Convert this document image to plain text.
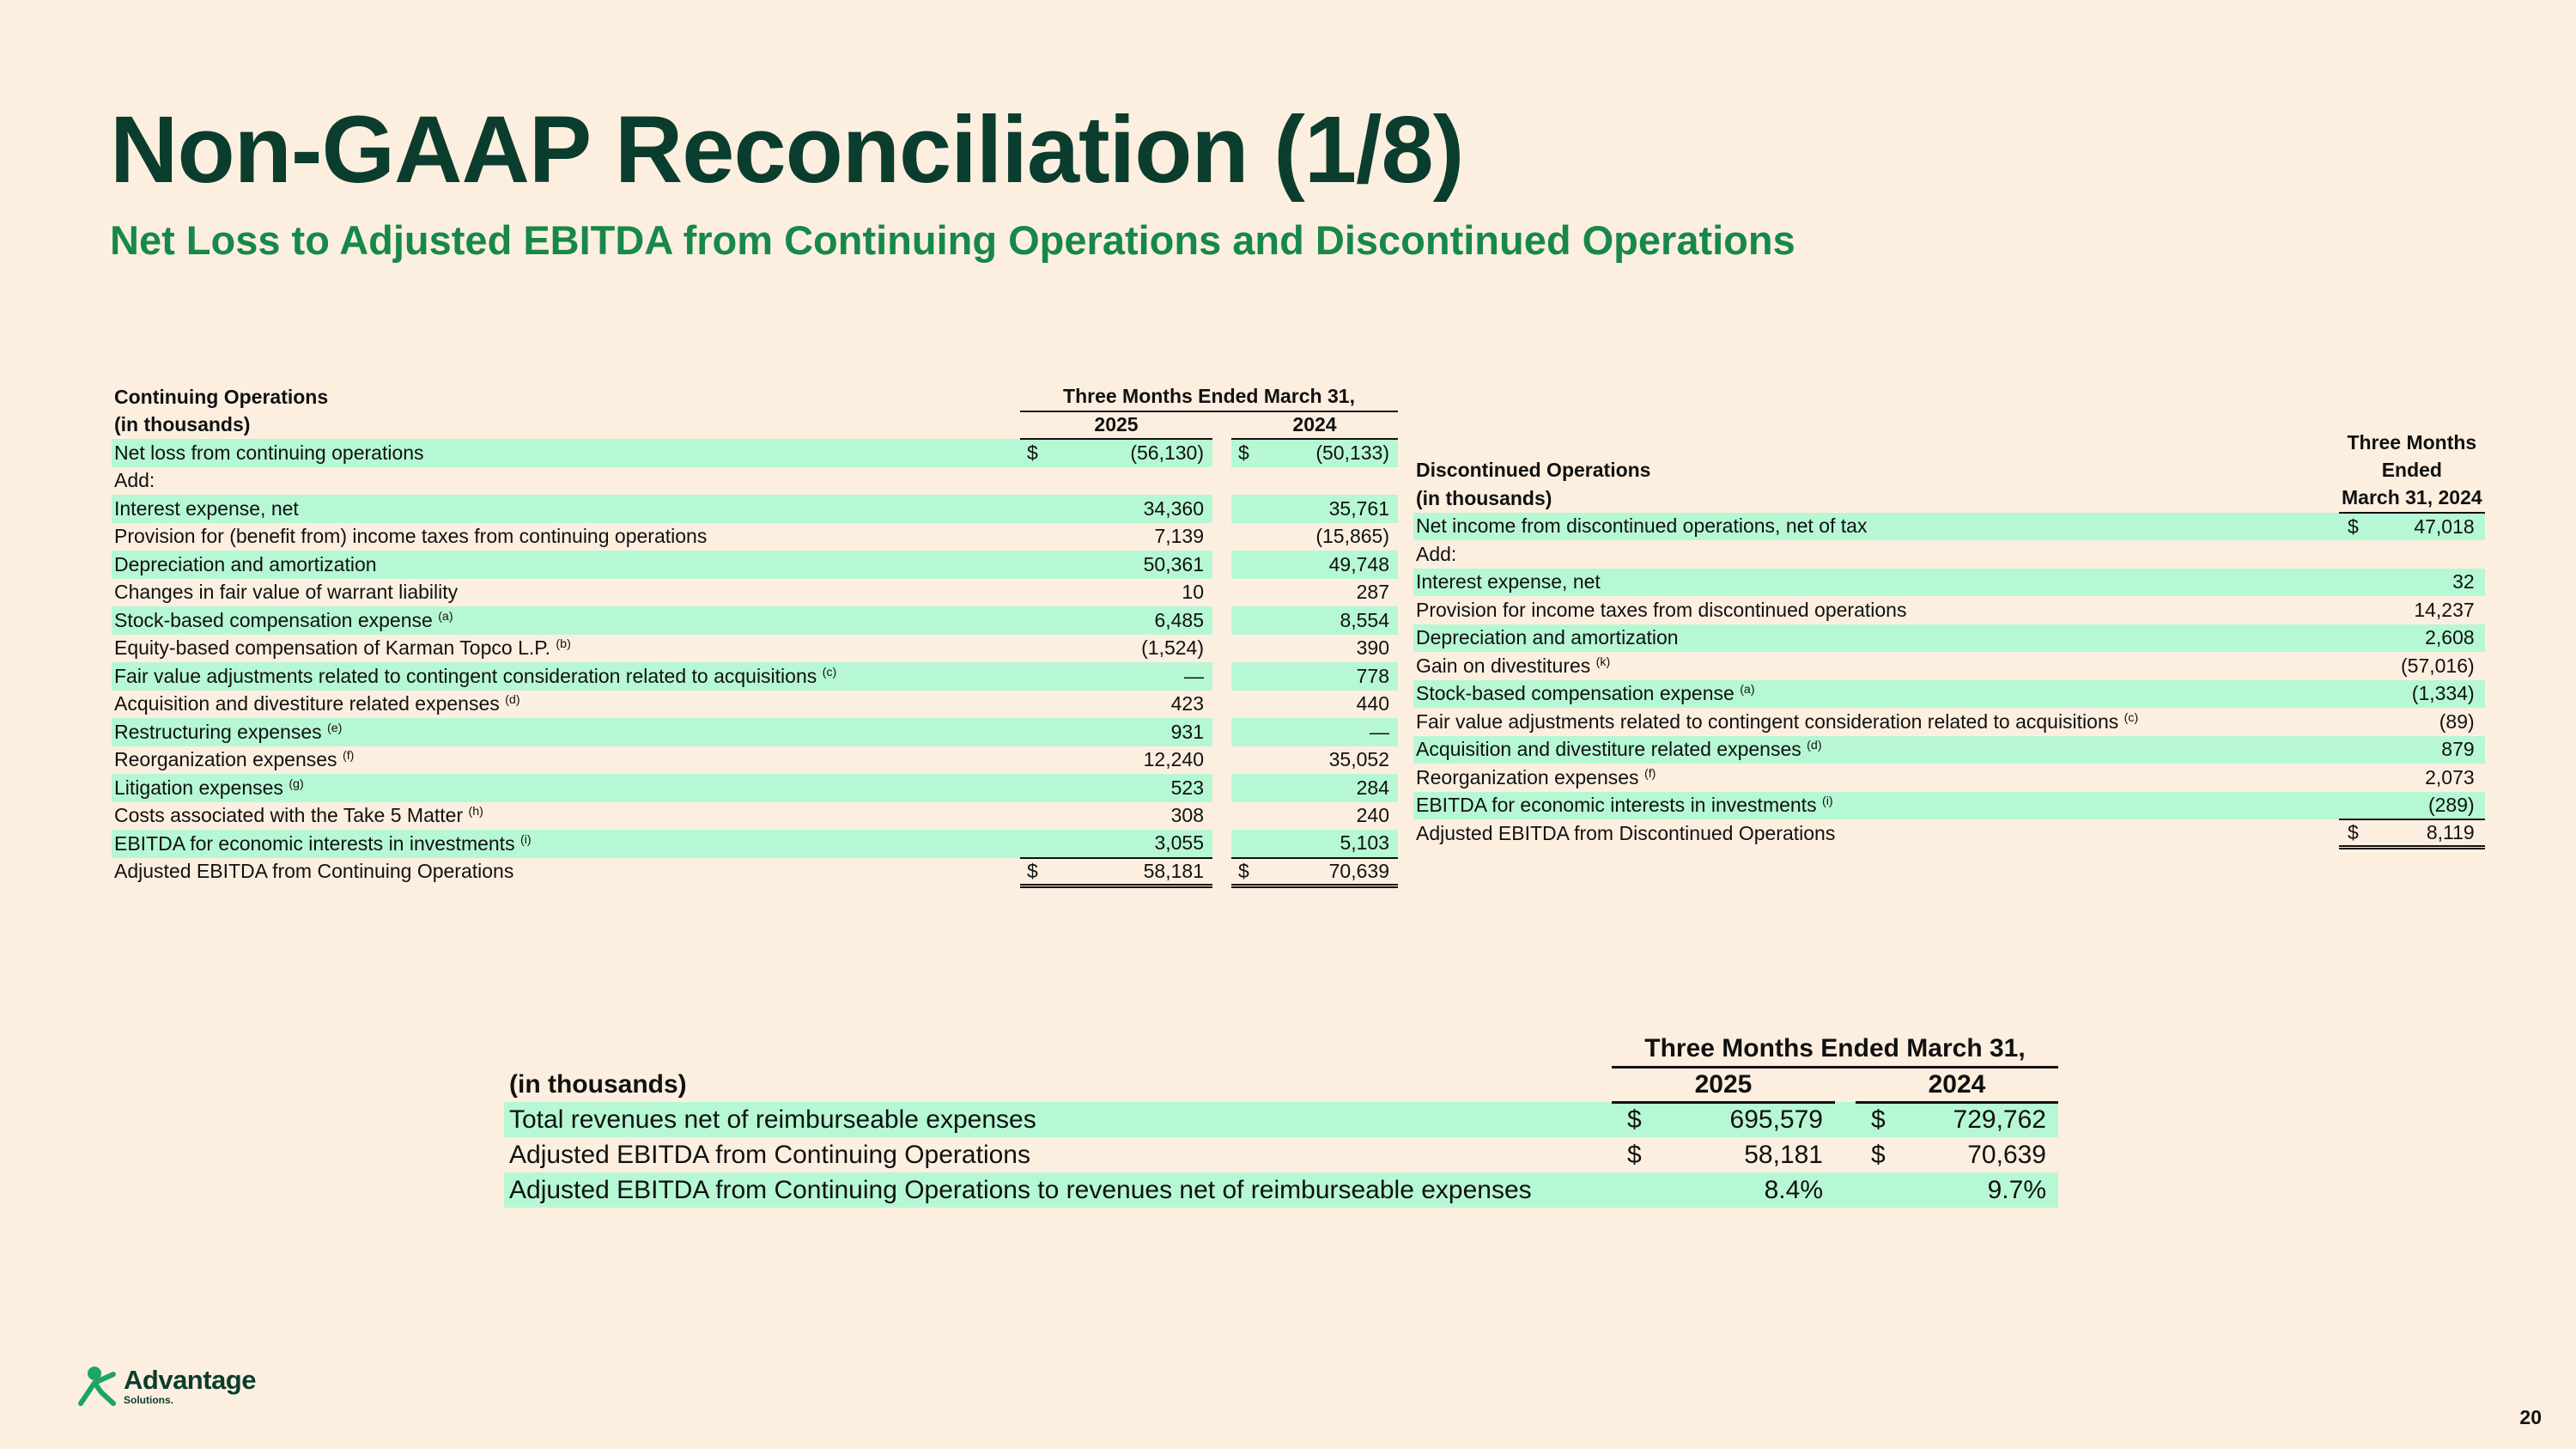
Non-GAAP Reconciliation (1/8)
Net Loss to Adjusted EBITDA from Continuing Operations and Discontinued Operations
Continuing Operations	Three Months Ended March 31,				
(in thousands)	2025			2024	
Net loss from continuing operations	$	(56,130)		$	(50,133)
Add:					
Interest expense, net		34,360			35,761
Provision for (benefit from) income taxes from continuing operations		7,139			(15,865)
Depreciation and amortization		50,361			49,748
Changes in fair value of warrant liability		10			287
Stock-based compensation expense $^{(a)}$		6,485			8,554
Equity-based compensation of Karman Topco L.P. $^{(b)}$		(1,524)			390
Fair value adjustments related to contingent consideration related to acquisitions $^{(c)}$		—			778
Acquisition and divestiture related expenses $^{(d)}$		423			440
Restructuring expenses $^{(e)}$		931			—
Reorganization expenses $^{(f)}$		12,240			35,052
Litigation expenses $^{(g)}$		523			284
Costs associated with the Take 5 Matter $^{(h)}$		308			240
EBITDA for economic interests in investments $^{(i)}$		3,055			5,103
Adjusted EBITDA from Continuing Operations	$	58,181		$	70,639
	Three Months	
Discontinued Operations	Ended	
(in thousands)	March 31, 2024	
Net income from discontinued operations, net of tax	$	47,018
Add:		
Interest expense, net		32
Provision for income taxes from discontinued operations		14,237
Depreciation and amortization		2,608
Gain on divestitures $^{(k)}$		(57,016)
Stock-based compensation expense $^{(a)}$		(1,334)
Fair value adjustments related to contingent consideration related to acquisitions $^{(c)}$		(89)
Acquisition and divestiture related expenses $^{(d)}$		879
Reorganization expenses $^{(f)}$		2,073
EBITDA for economic interests in investments $^{(i)}$		(289)
Adjusted EBITDA from Discontinued Operations	$	8,119
	Three Months Ended March 31,				
(in thousands)	2025			2024	
Total revenues net of reimburseable expenses	$	695,579		$	729,762
Adjusted EBITDA from Continuing Operations	$	58,181		$	70,639
Adjusted EBITDA from Continuing Operations to revenues net of reimburseable expenses		8.4%			9.7%
Advantage
Solutions.
20
